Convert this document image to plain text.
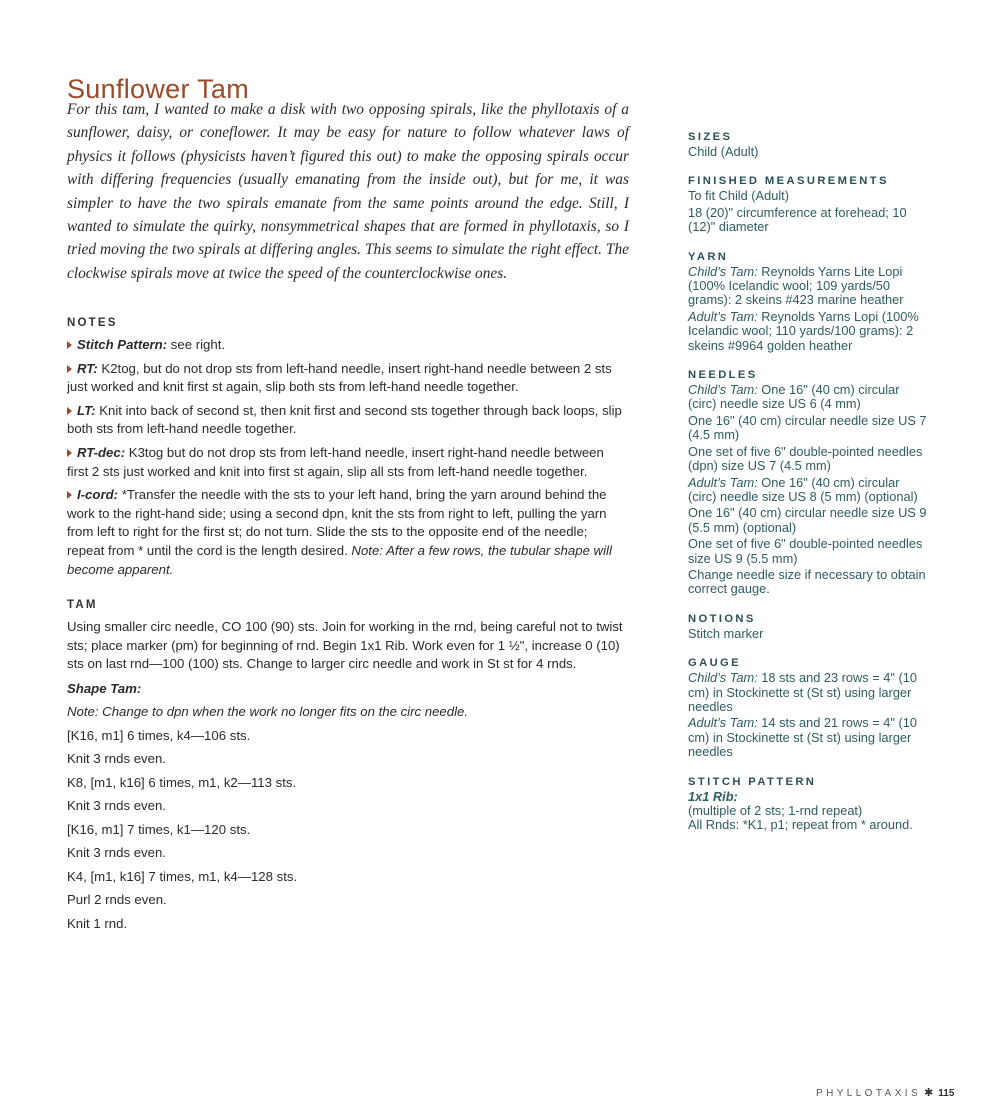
Sunflower Tam

For this tam, I wanted to make a disk with two opposing spirals, like the phyllotaxis of a sunflower, daisy, or coneflower. It may be easy for nature to follow whatever laws of physics it follows (physicists haven’t figured this out) to make the opposing spirals occur with differing frequencies (usually emanating from the inside out), but for me, it was simpler to have the two spirals emanate from the same points around the edge. Still, I wanted to simulate the quirky, nonsymmetrical shapes that are formed in phyllotaxis, so I tried moving the two spirals at differing angles. This seems to simulate the right effect. The clockwise spirals move at twice the speed of the counterclockwise ones.

NOTES

Stitch Pattern: see right.

RT: K2tog, but do not drop sts from left-hand needle, insert right-hand needle between 2 sts just worked and knit first st again, slip both sts from left-hand needle together.

LT: Knit into back of second st, then knit first and second sts together through back loops, slip both sts from left-hand needle together.

RT-dec: K3tog but do not drop sts from left-hand needle, insert right-hand needle between first 2 sts just worked and knit into first st again, slip all sts from left-hand needle together.

I-cord: *Transfer the needle with the sts to your left hand, bring the yarn around behind the work to the right-hand side; using a second dpn, knit the sts from right to left, pulling the yarn from left to right for the first st; do not turn. Slide the sts to the opposite end of the needle; repeat from * until the cord is the length desired. Note: After a few rows, the tubular shape will become apparent.

TAM

Using smaller circ needle, CO 100 (90) sts. Join for working in the rnd, being careful not to twist sts; place marker (pm) for beginning of rnd. Begin 1x1 Rib. Work even for 1 ½", increase 0 (10) sts on last rnd—100 (100) sts. Change to larger circ needle and work in St st for 4 rnds.

Shape Tam:

Note: Change to dpn when the work no longer fits on the circ needle.

[K16, m1] 6 times, k4—106 sts.

Knit 3 rnds even.

K8, [m1, k16] 6 times, m1, k2—113 sts.

Knit 3 rnds even.

[K16, m1] 7 times, k1—120 sts.

Knit 3 rnds even.

K4, [m1, k16] 7 times, m1, k4—128 sts.

Purl 2 rnds even.

Knit 1 rnd.

SIZES

Child (Adult)

FINISHED MEASUREMENTS

To fit Child (Adult)

18 (20)" circumference at forehead; 10 (12)" diameter

YARN

Child’s Tam: Reynolds Yarns Lite Lopi (100% Icelandic wool; 109 yards/50 grams): 2 skeins #423 marine heather

Adult’s Tam: Reynolds Yarns Lopi (100% Icelandic wool; 110 yards/100 grams): 2 skeins #9964 golden heather

NEEDLES

Child’s Tam: One 16" (40 cm) circular (circ) needle size US 6 (4 mm)

One 16" (40 cm) circular needle size US 7 (4.5 mm)

One set of five 6" double-pointed needles (dpn) size US 7 (4.5 mm)

Adult’s Tam: One 16" (40 cm) circular (circ) needle size US 8 (5 mm) (optional)

One 16" (40 cm) circular needle size US 9 (5.5 mm) (optional)

One set of five 6" double-pointed needles size US 9 (5.5 mm)

Change needle size if necessary to obtain correct gauge.

NOTIONS

Stitch marker

GAUGE

Child’s Tam: 18 sts and 23 rows = 4" (10 cm) in Stockinette st (St st) using larger needles

Adult’s Tam: 14 sts and 21 rows = 4" (10 cm) in Stockinette st (St st) using larger needles

STITCH PATTERN

1x1 Rib:

(multiple of 2 sts; 1-rnd repeat)

All Rnds: *K1, p1; repeat from * around.

PHYLLOTAXIS ✱ 115
